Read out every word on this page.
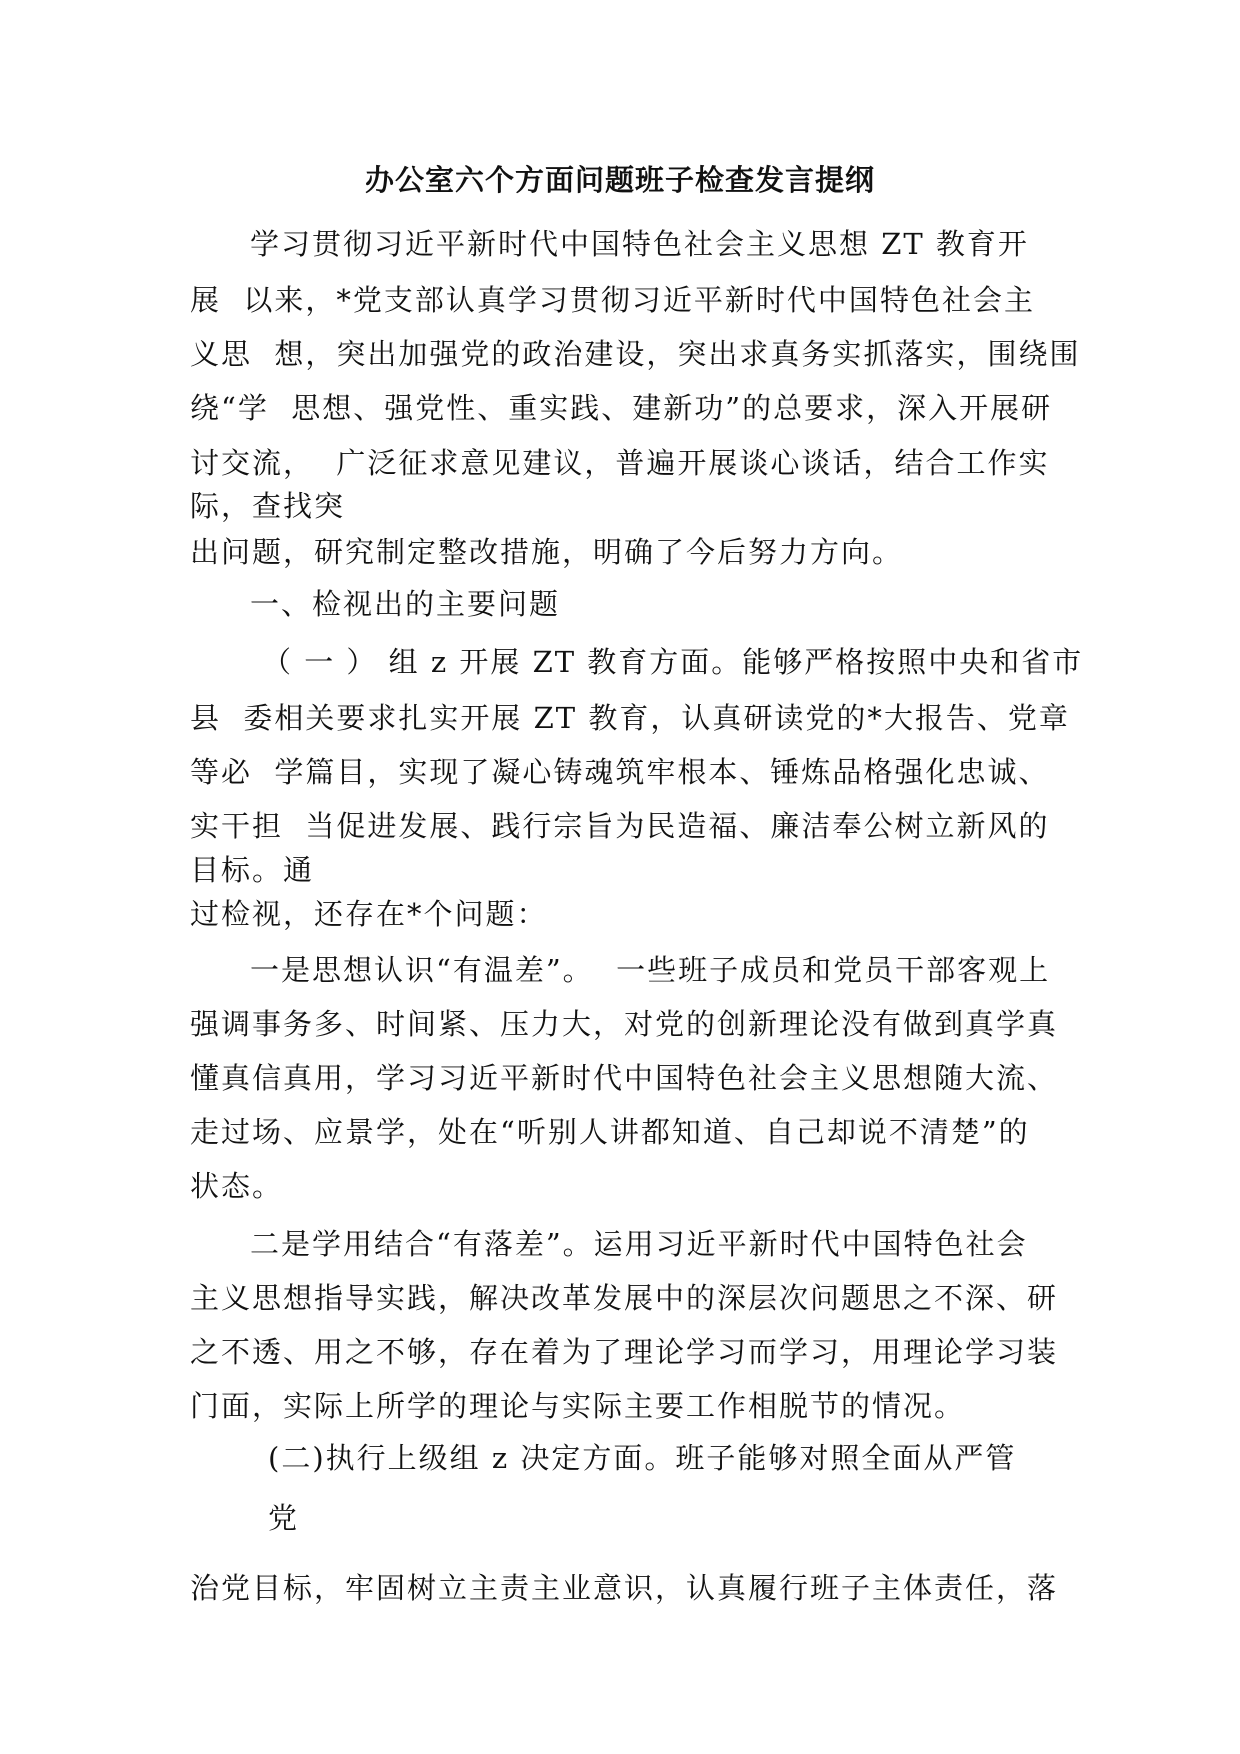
办公室六个方面问题班子检查发言提纲
学习贯彻习近平新时代中国特色社会主义思想 ZT 教育开
展  以来，*党支部认真学习贯彻习近平新时代中国特色社会主
义思  想，突出加强党的政治建设，突出求真务实抓落实，围绕围
绕“学  思想、强党性、重实践、建新功”的总要求，深入开展研
讨交流，  广泛征求意见建议，普遍开展谈心谈话，结合工作实
际，查找突
出问题，研究制定整改措施，明确了今后努力方向。
一、检视出的主要问题
（ 一 ） 组 z 开展 ZT 教育方面。能够严格按照中央和省市
县  委相关要求扎实开展 ZT 教育，认真研读党的*大报告、党章
等必  学篇目，实现了凝心铸魂筑牢根本、锤炼品格强化忠诚、
实干担  当促进发展、践行宗旨为民造福、廉洁奉公树立新风的
目标。通
过检视，还存在*个问题：
一是思想认识“有温差”。  一些班子成员和党员干部客观上
强调事务多、时间紧、压力大，对党的创新理论没有做到真学真
懂真信真用，学习习近平新时代中国特色社会主义思想随大流、
走过场、应景学，处在“听别人讲都知道、自己却说不清楚”的
状态。
二是学用结合“有落差”。运用习近平新时代中国特色社会
主义思想指导实践，解决改革发展中的深层次问题思之不深、研
之不透、用之不够，存在着为了理论学习而学习，用理论学习装
门面，实际上所学的理论与实际主要工作相脱节的情况。
(二)执行上级组 z 决定方面。班子能够对照全面从严管
党
治党目标，牢固树立主责主业意识，认真履行班子主体责任，落
